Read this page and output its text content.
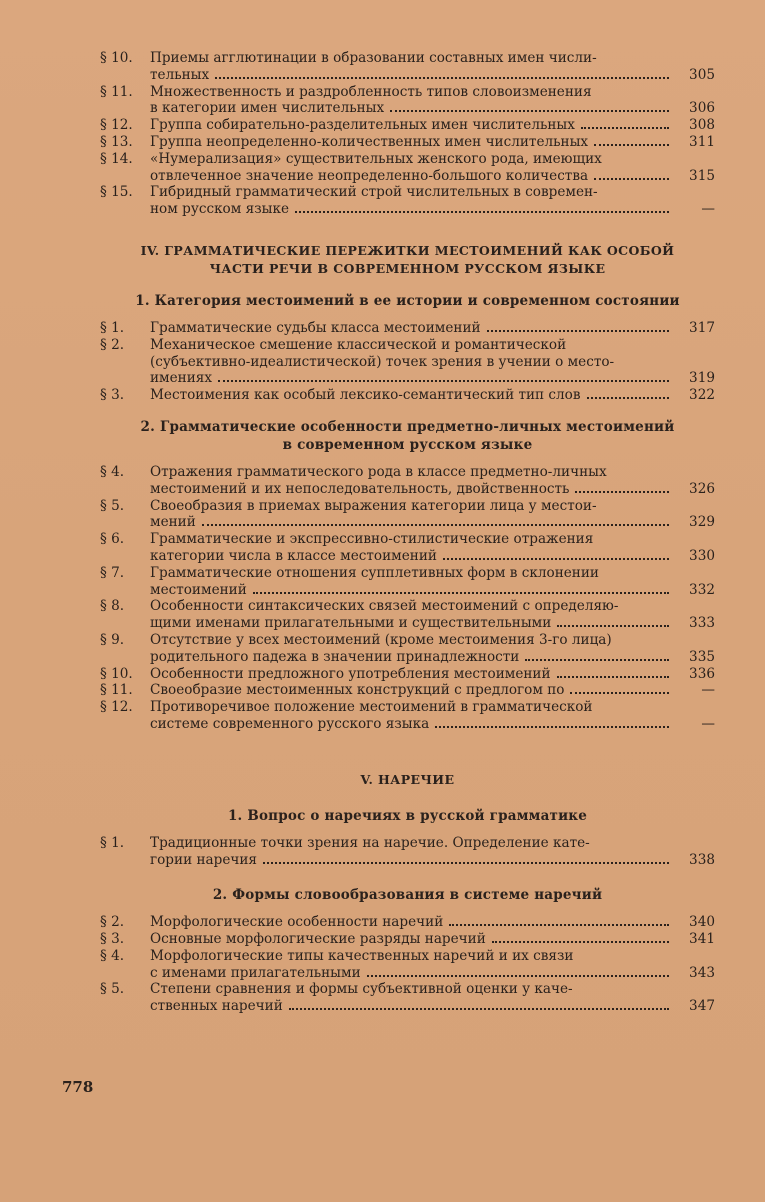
§ 10.	Приемы агглютинации в образовании составных имен числи-
тельных	305
§ 11.	Множественность и раздробленность типов словоизменения
в категории имен числительных	306
§ 12.	Группа собирательно-разделительных имен числительных	308
§ 13.	Группа неопределенно-количественных имен числительных	311
§ 14.	«Нумерализация» существительных женского рода, имеющих
отвлеченное значение неопределенно-большого количества	315
§ 15.	Гибридный грамматический строй числительных в современ-
ном русском языке	—
IV. ГРАММАТИЧЕСКИЕ ПЕРЕЖИТКИ МЕСТОИМЕНИЙ КАК ОСОБОЙ
ЧАСТИ РЕЧИ В СОВРЕМЕННОМ РУССКОМ ЯЗЫКЕ
1. Категория местоимений в ее истории и современном состоянии
§ 1.	Грамматические судьбы класса местоимений	317
§ 2.	Механическое смешение классической и романтической
(субъективно-идеалистической) точек зрения в учении о место-
имениях	319
§ 3.	Местоимения как особый лексико-семантический тип слов	322
2. Грамматические особенности предметно-личных местоимений
в современном русском языке
§ 4.	Отражения грамматического рода в классе предметно-личных
местоимений и их непоследовательность, двойственность	326
§ 5.	Своеобразия в приемах выражения категории лица у местои-
мений	329
§ 6.	Грамматические и экспрессивно-стилистические отражения
категории числа в классе местоимений	330
§ 7.	Грамматические отношения супплетивных форм в склонении
местоимений	332
§ 8.	Особенности синтаксических связей местоимений с определяю-
щими именами прилагательными и существительными	333
§ 9.	Отсутствие у всех местоимений (кроме местоимения 3-го лица)
родительного падежа в значении принадлежности	335
§ 10.	Особенности предложного употребления местоимений	336
§ 11.	Своеобразие местоименных конструкций с предлогом по	—
§ 12.	Противоречивое положение местоимений в грамматической
системе современного русского языка	—
V. НАРЕЧИЕ
1. Вопрос о наречиях в русской грамматике
§ 1.	Традиционные точки зрения на наречие. Определение кате-
гории наречия	338
2. Формы словообразования в системе наречий
§ 2.	Морфологические особенности наречий	340
§ 3.	Основные морфологические разряды наречий	341
§ 4.	Морфологические типы качественных наречий и их связи
с именами прилагательными	343
§ 5.	Степени сравнения и формы субъективной оценки у каче-
ственных наречий	347
778
